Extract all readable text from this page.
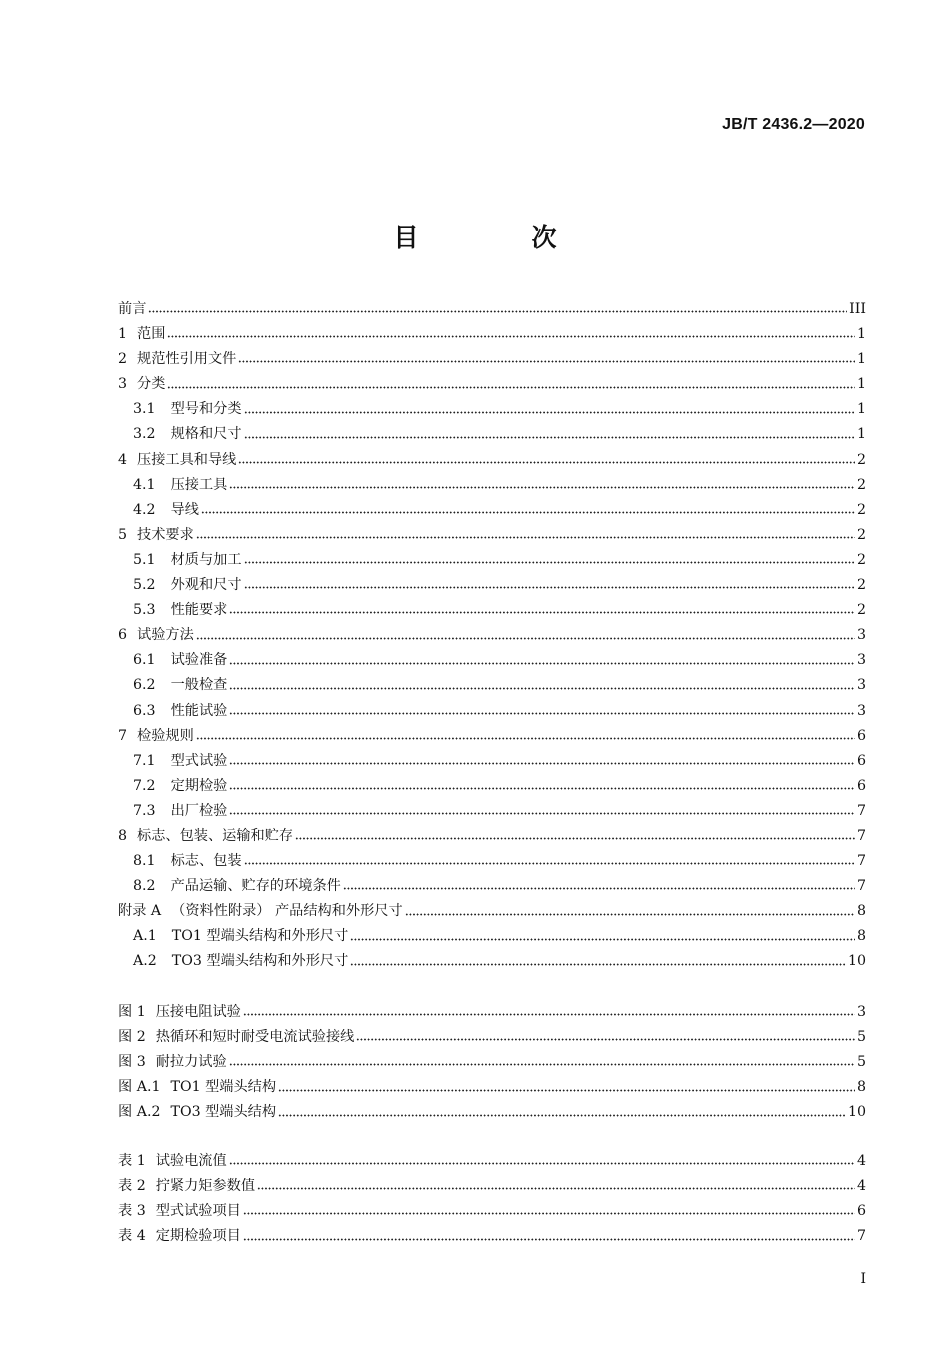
JB/T 2436.2—2020
目　次
前言	III
1 范围	1
2 规范性引用文件	1
3 分类	1
3.1 型号和分类	1
3.2 规格和尺寸	1
4 压接工具和导线	2
4.1 压接工具	2
4.2 导线	2
5 技术要求	2
5.1 材质与加工	2
5.2 外观和尺寸	2
5.3 性能要求	2
6 试验方法	3
6.1 试验准备	3
6.2 一般检查	3
6.3 性能试验	3
7 检验规则	6
7.1 型式试验	6
7.2 定期检验	6
7.3 出厂检验	7
8 标志、包装、运输和贮存	7
8.1 标志、包装	7
8.2 产品运输、贮存的环境条件	7
附录 A （资料性附录） 产品结构和外形尺寸	8
A.1 TO1 型端头结构和外形尺寸	8
A.2 TO3 型端头结构和外形尺寸	10
图 1 压接电阻试验	3
图 2 热循环和短时耐受电流试验接线	5
图 3 耐拉力试验	5
图 A.1 TO1 型端头结构	8
图 A.2 TO3 型端头结构	10
表 1 试验电流值	4
表 2 拧紧力矩参数值	4
表 3 型式试验项目	6
表 4 定期检验项目	7
I
